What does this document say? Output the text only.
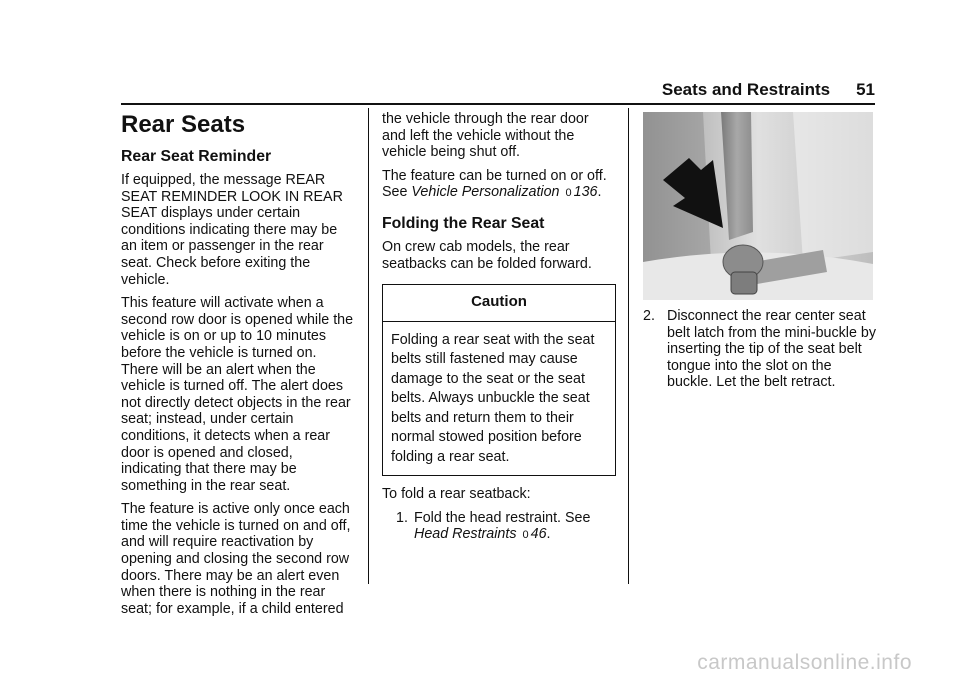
Seats and Restraints 51
Rear Seats
Rear Seat Reminder

If equipped, the message REAR SEAT REMINDER LOOK IN REAR SEAT displays under certain conditions indicating there may be an item or passenger in the rear seat. Check before exiting the vehicle.

This feature will activate when a second row door is opened while the vehicle is on or up to 10 minutes before the vehicle is turned on. There will be an alert when the vehicle is turned off. The alert does not directly detect objects in the rear seat; instead, under certain conditions, it detects when a rear door is opened and closed, indicating that there may be something in the rear seat.

The feature is active only once each time the vehicle is turned on and off, and will require reactivation by opening and closing the second row doors. There may be an alert even when there is nothing in the rear seat; for example, if a child entered

the vehicle through the rear door and left the vehicle without the vehicle being shut off.

The feature can be turned on or off. See Vehicle Personalization 0 136.

Folding the Rear Seat

On crew cab models, the rear seatbacks can be folded forward.

Caution
Folding a rear seat with the seat belts still fastened may cause damage to the seat or the seat belts. Always unbuckle the seat belts and return them to their normal stowed position before folding a rear seat.

To fold a rear seatback:

1. Fold the head restraint. See
Head Restraints 0 46.
2. Disconnect the rear center seat belt latch from the mini-buckle by inserting the tip of the seat belt tongue into the slot on the buckle. Let the belt retract.
carmanualsonline.info
